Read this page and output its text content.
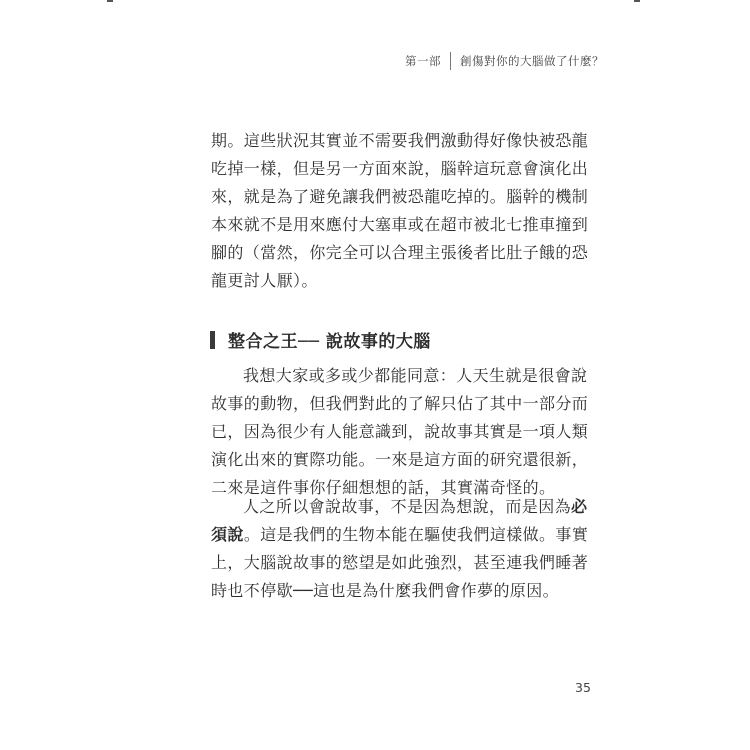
第一部 創傷對你的大腦做了什麼？
期。這些狀況其實並不需要我們激動得好像快被恐龍
吃掉一樣，但是另一方面來說，腦幹這玩意會演化出
來，就是為了避免讓我們被恐龍吃掉的。腦幹的機制
本來就不是用來應付大塞車或在超市被北七推車撞到
腳的（當然，你完全可以合理主張後者比肚子餓的恐
龍更討人厭）。
整合之王── 說故事的大腦
我想大家或多或少都能同意：人天生就是很會說
故事的動物，但我們對此的了解只佔了其中一部分而
已，因為很少有人能意識到，說故事其實是一項人類
演化出來的實際功能。一來是這方面的研究還很新，
二來是這件事你仔細想想的話，其實滿奇怪的。
人之所以會說故事，不是因為想說，而是因為必
須說。這是我們的生物本能在驅使我們這樣做。事實
上，大腦說故事的慾望是如此強烈，甚至連我們睡著
時也不停歇──這也是為什麼我們會作夢的原因。
35
